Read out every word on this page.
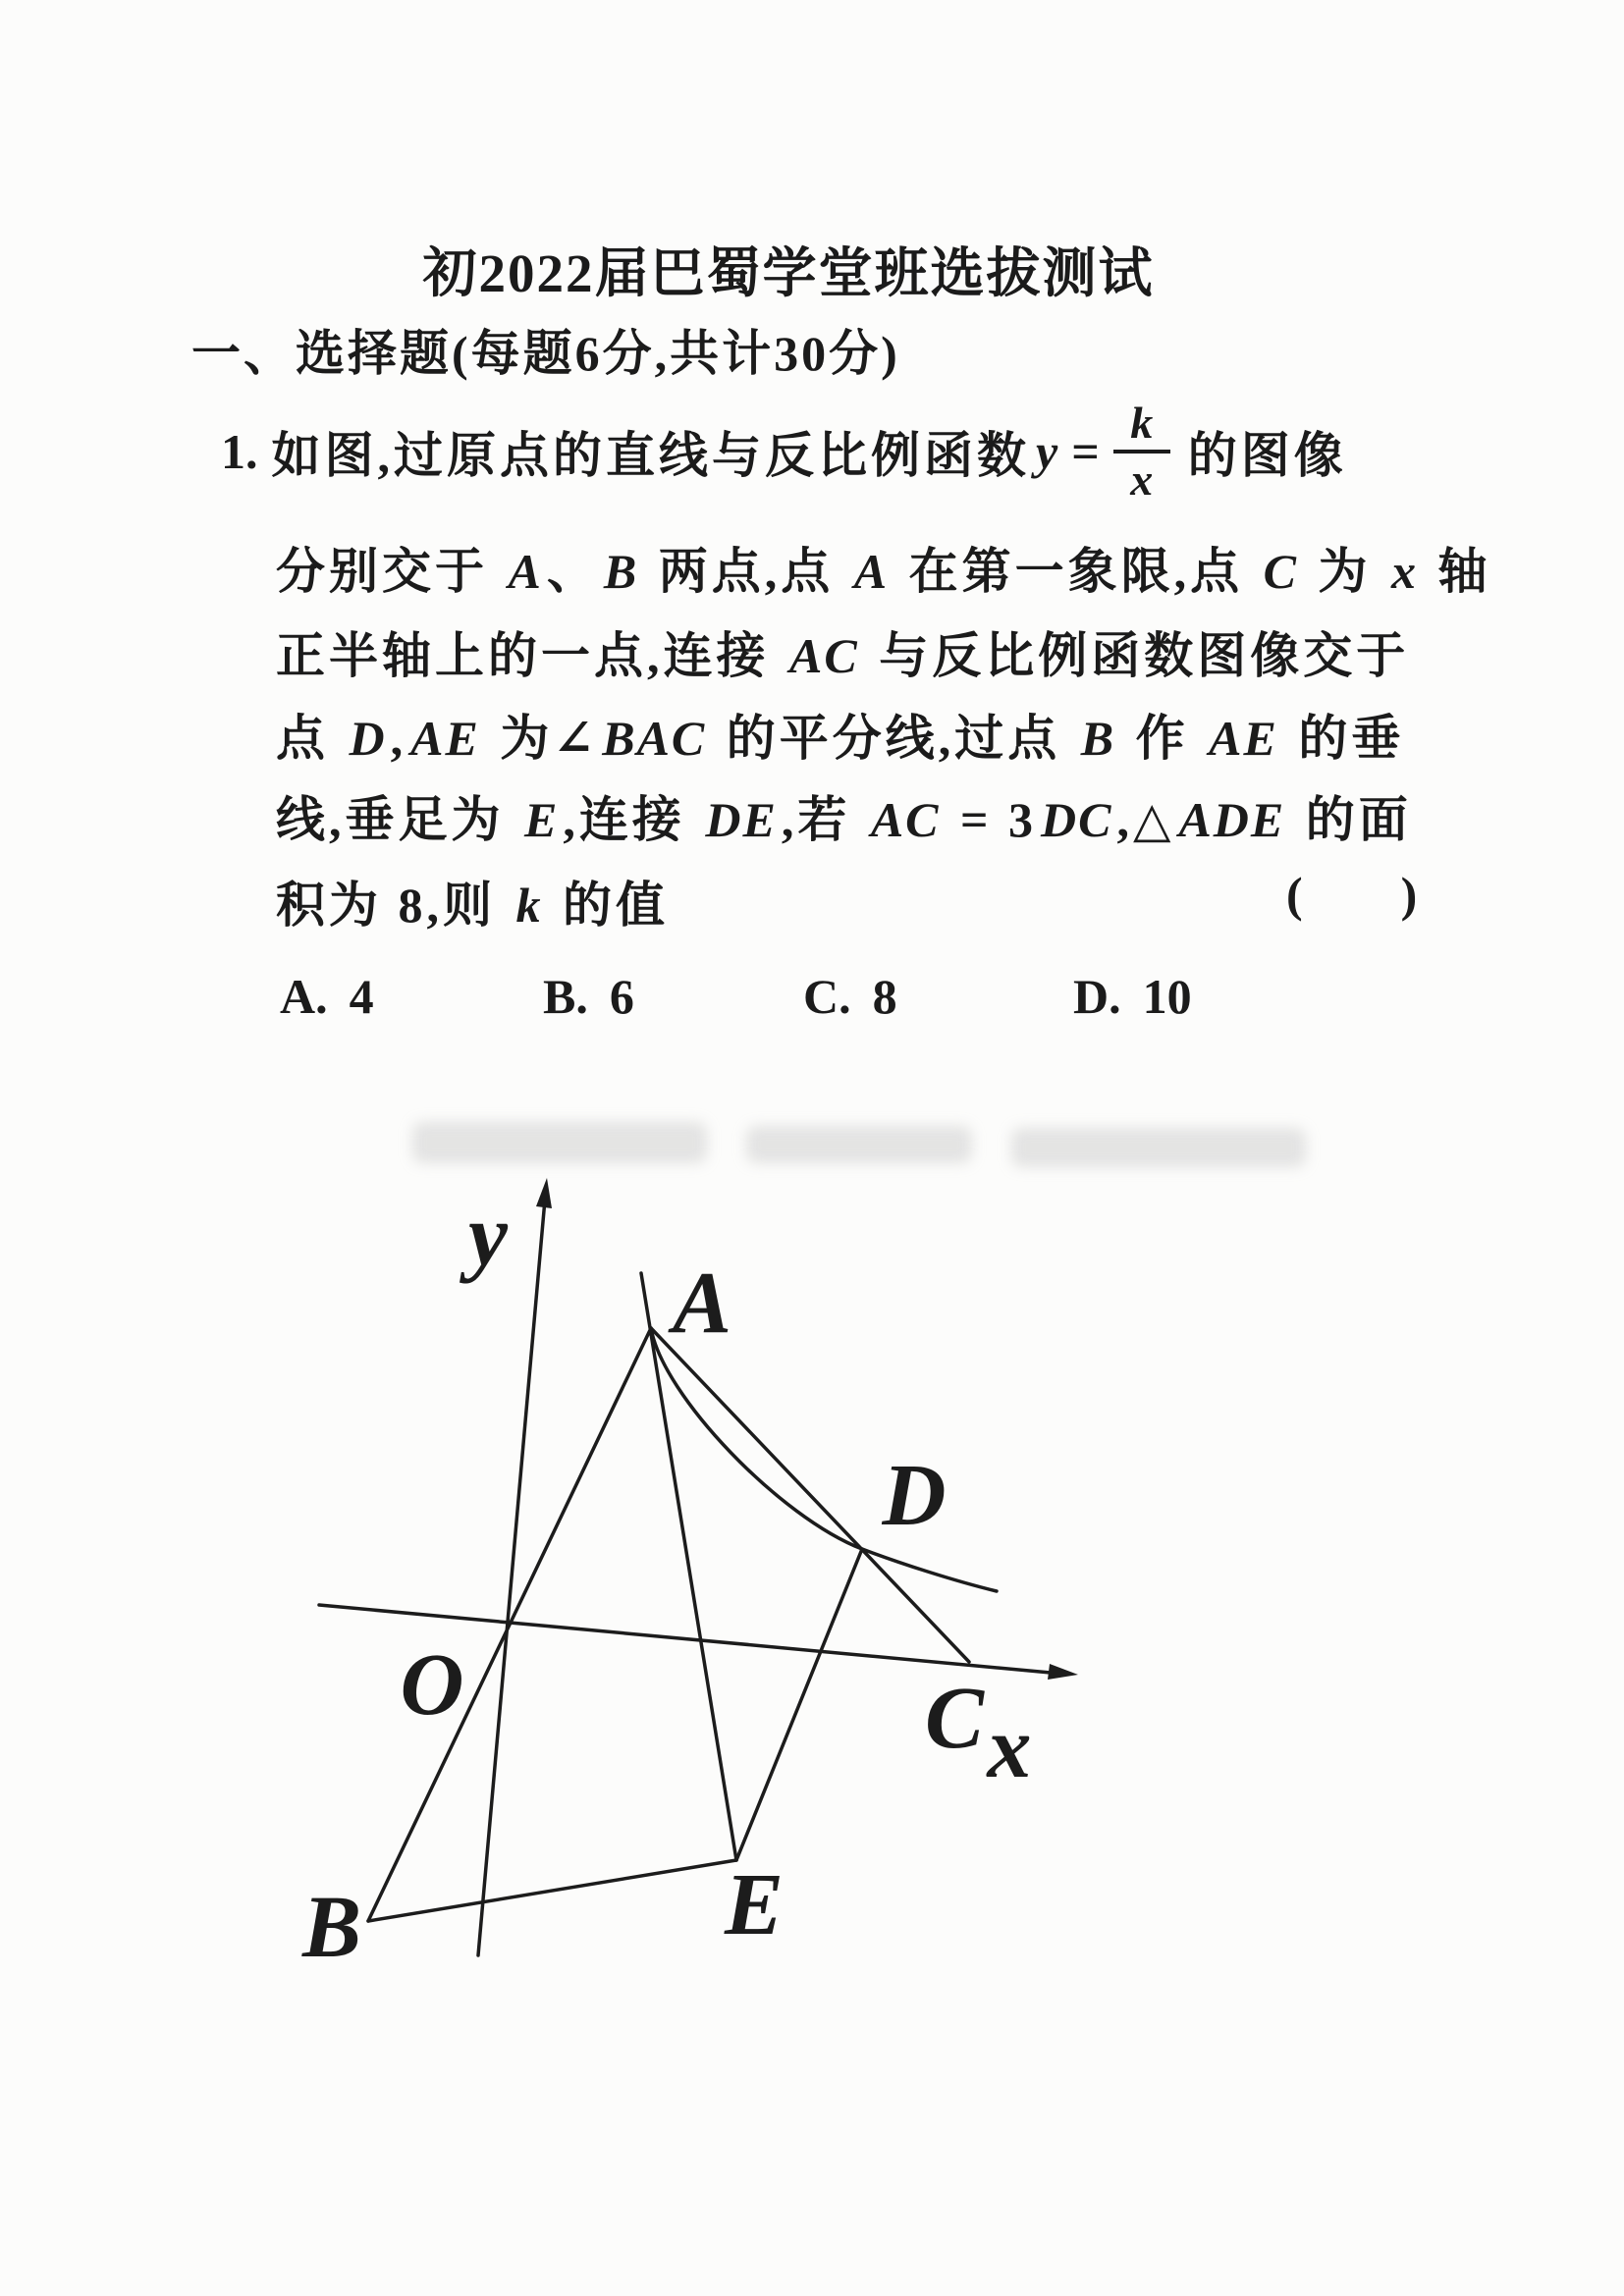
初2022届巴蜀学堂班选拔测试
一、选择题(每题6分,共计30分)
1. 如图,过原点的直线与反比例函数 $y = \frac{k}{x}$ 的图像
分别交于 A、B 两点,点 A 在第一象限,点 C 为 x 轴
正半轴上的一点,连接 AC 与反比例函数图像交于
点 D,AE 为∠BAC 的平分线,过点 B 作 AE 的垂
线,垂足为 E,连接 DE,若 AC = 3DC,△ADE 的面
积为 8,则 k 的值	( )
A. 4	B. 6	C. 8	D. 10
y
x
O
A
B
C
D
E
